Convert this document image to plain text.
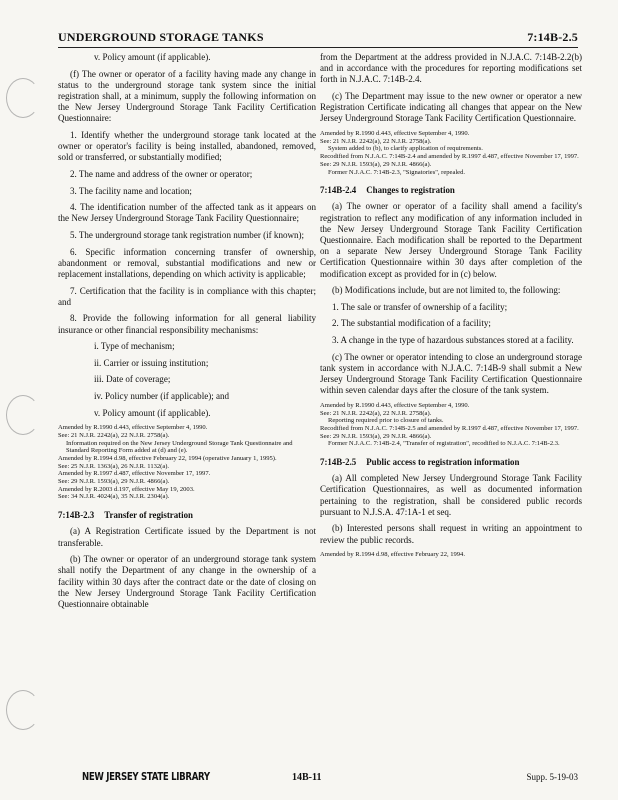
UNDERGROUND STORAGE TANKS	7:14B-2.5
v. Policy amount (if applicable).
(f) The owner or operator of a facility having made any change in status to the underground storage tank system since the initial registration shall, at a minimum, supply the following information on the New Jersey Underground Storage Tank Facility Certification Questionnaire:
1. Identify whether the underground storage tank located at the owner or operator's facility is being installed, abandoned, removed, sold or transferred, or substantially modified;
2. The name and address of the owner or operator;
3. The facility name and location;
4. The identification number of the affected tank as it appears on the New Jersey Underground Storage Tank Facility Questionnaire;
5. The underground storage tank registration number (if known);
6. Specific information concerning transfer of ownership, abandonment or removal, substantial modifications and new or replacement installations, depending on which activity is applicable;
7. Certification that the facility is in compliance with this chapter; and
8. Provide the following information for all general liability insurance or other financial responsibility mechanisms:
i. Type of mechanism;
ii. Carrier or issuing institution;
iii. Date of coverage;
iv. Policy number (if applicable); and
v. Policy amount (if applicable).
Amended by R.1990 d.443, effective September 4, 1990.
See: 21 N.J.R. 2242(a), 22 N.J.R. 2758(a).
Information required on the New Jersey Underground Storage Tank Questionnaire and Standard Reporting Form added at (d) and (e).
Amended by R.1994 d.98, effective February 22, 1994 (operative January 1, 1995).
See: 25 N.J.R. 1363(a), 26 N.J.R. 1132(a).
Amended by R.1997 d.487, effective November 17, 1997.
See: 29 N.J.R. 1593(a), 29 N.J.R. 4866(a).
Amended by R.2003 d.197, effective May 19, 2003.
See: 34 N.J.R. 4024(a), 35 N.J.R. 2304(a).
7:14B-2.3 Transfer of registration
(a) A Registration Certificate issued by the Department is not transferable.
(b) The owner or operator of an underground storage tank system shall notify the Department of any change in the ownership of a facility within 30 days after the contract date or the date of closing on the New Jersey Underground Storage Tank Facility Certification Questionnaire obtainable
from the Department at the address provided in N.J.A.C. 7:14B-2.2(b) and in accordance with the procedures for reporting modifications set forth in N.J.A.C. 7:14B-2.4.
(c) The Department may issue to the new owner or operator a new Registration Certificate indicating all changes that appear on the New Jersey Underground Storage Tank Facility Certification Questionnaire.
Amended by R.1990 d.443, effective September 4, 1990.
See: 21 N.J.R. 2242(a), 22 N.J.R. 2758(a).
System added to (b), to clarify application of requirements.
Recodified from N.J.A.C. 7:14B-2.4 and amended by R.1997 d.487, effective November 17, 1997.
See: 29 N.J.R. 1593(a), 29 N.J.R. 4866(a).
Former N.J.A.C. 7:14B-2.3, "Signatories", repealed.
7:14B-2.4 Changes to registration
(a) The owner or operator of a facility shall amend a facility's registration to reflect any modification of any information included in the New Jersey Underground Storage Tank Facility Certification Questionnaire. Each modification shall be reported to the Department on a separate New Jersey Underground Storage Tank Facility Certification Questionnaire within 30 days after completion of the modification except as provided for in (c) below.
(b) Modifications include, but are not limited to, the following:
1. The sale or transfer of ownership of a facility;
2. The substantial modification of a facility;
3. A change in the type of hazardous substances stored at a facility.
(c) The owner or operator intending to close an underground storage tank system in accordance with N.J.A.C. 7:14B-9 shall submit a New Jersey Underground Storage Tank Facility Certification Questionnaire within seven calendar days after the closure of the tank system.
Amended by R.1990 d.443, effective September 4, 1990.
See: 21 N.J.R. 2242(a), 22 N.J.R. 2758(a).
Reporting required prior to closure of tanks.
Recodified from N.J.A.C. 7:14B-2.5 and amended by R.1997 d.487, effective November 17, 1997.
See: 29 N.J.R. 1593(a), 29 N.J.R. 4866(a).
Former N.J.A.C. 7:14B-2.4, "Transfer of registration", recodified to N.J.A.C. 7:14B-2.3.
7:14B-2.5 Public access to registration information
(a) All completed New Jersey Underground Storage Tank Facility Certification Questionnaires, as well as documented information pertaining to the registration, shall be considered public records pursuant to N.J.S.A. 47:1A-1 et seq.
(b) Interested persons shall request in writing an appointment to review the public records.
Amended by R.1994 d.98, effective February 22, 1994.
NEW JERSEY STATE LIBRARY	14B-11	Supp. 5-19-03
